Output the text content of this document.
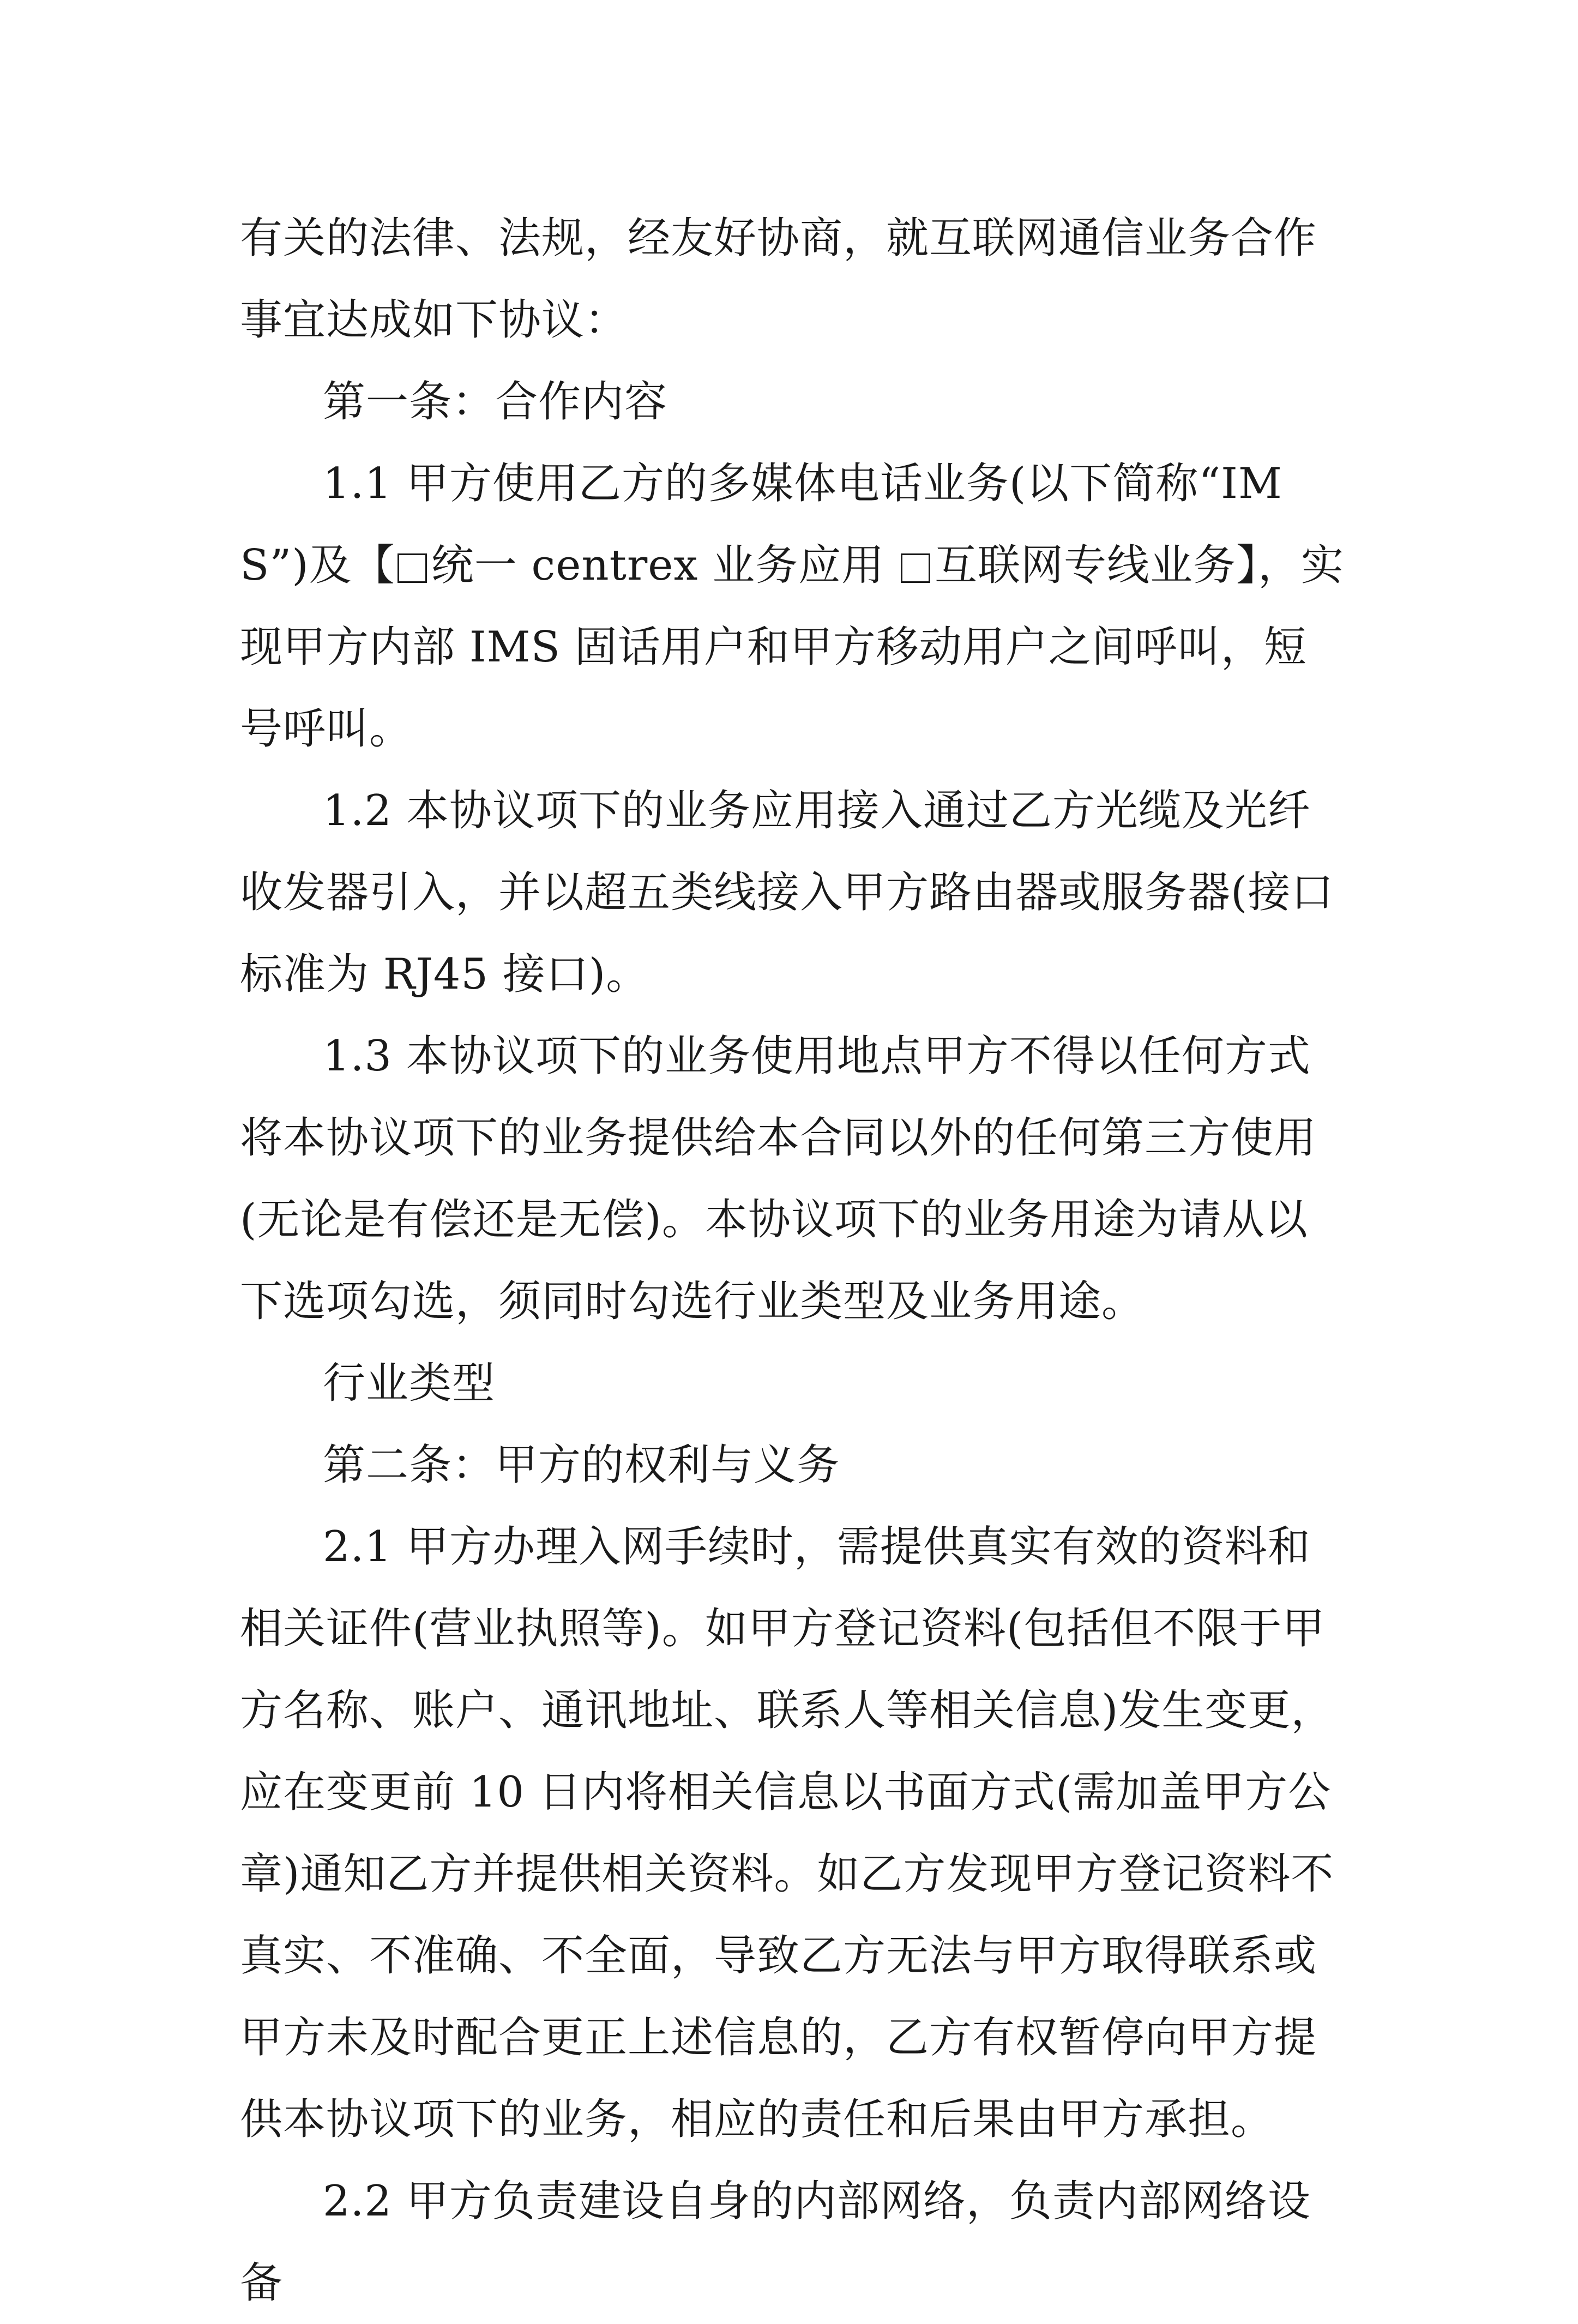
有关的法律、法规，经友好协商，就互联网通信业务合作事宜达成如下协议：

第一条：合作内容

1.1 甲方使用乙方的多媒体电话业务(以下简称“IMS”)及【 统一 centrex 业务应用 互联网专线业务】，实现甲方内部 IMS 固话用户和甲方移动用户之间呼叫，短号呼叫。

1.2 本协议项下的业务应用接入通过乙方光缆及光纤收发器引入，并以超五类线接入甲方路由器或服务器(接口标准为 RJ45 接口)。

1.3 本协议项下的业务使用地点甲方不得以任何方式将本协议项下的业务提供给本合同以外的任何第三方使用(无论是有偿还是无偿)。本协议项下的业务用途为请从以下选项勾选，须同时勾选行业类型及业务用途。

行业类型

第二条：甲方的权利与义务

2.1 甲方办理入网手续时，需提供真实有效的资料和相关证件(营业执照等)。如甲方登记资料(包括但不限于甲方名称、账户、通讯地址、联系人等相关信息)发生变更，应在变更前 10 日内将相关信息以书面方式(需加盖甲方公章)通知乙方并提供相关资料。如乙方发现甲方登记资料不真实、不准确、不全面，导致乙方无法与甲方取得联系或甲方未及时配合更正上述信息的，乙方有权暂停向甲方提供本协议项下的业务，相应的责任和后果由甲方承担。

2.2 甲方负责建设自身的内部网络，负责内部网络设备
